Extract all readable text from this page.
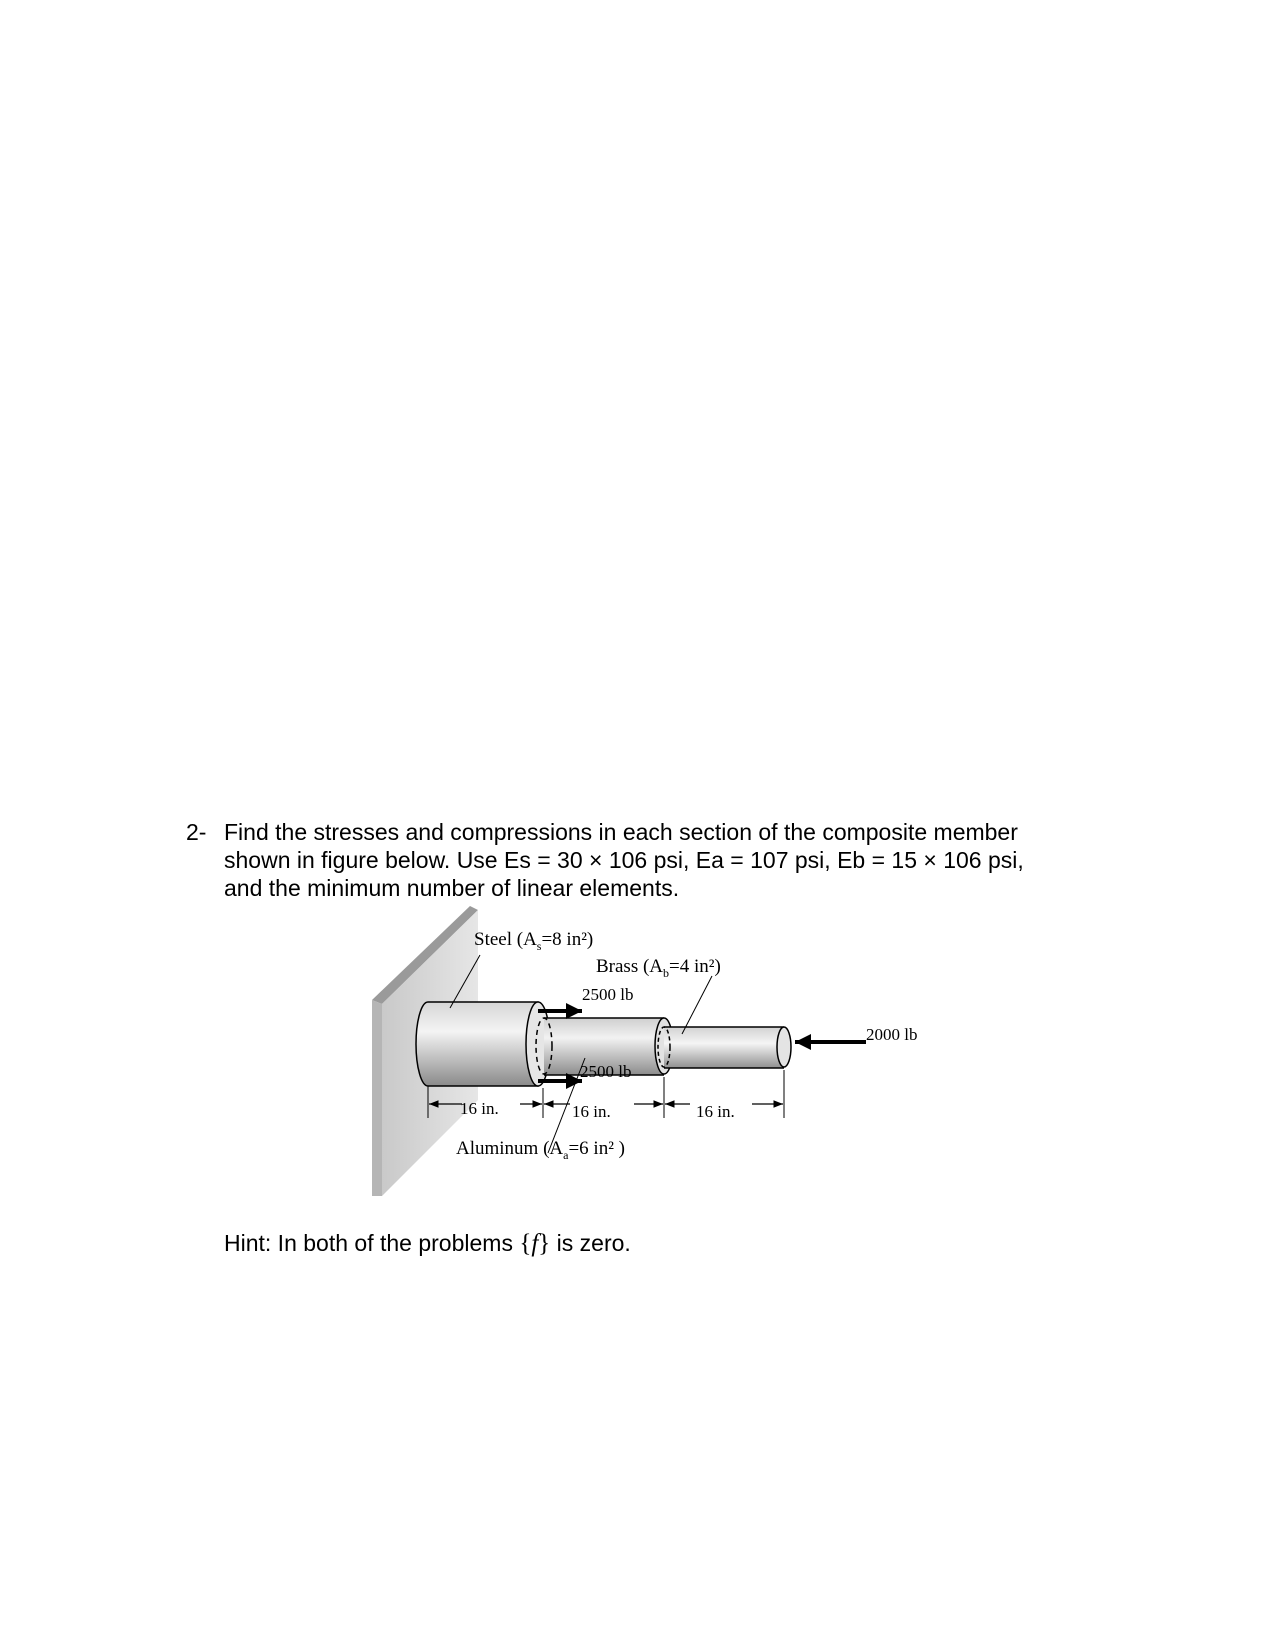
2- Find the stresses and compressions in each section of the composite member
shown in figure below. Use Es = 30 × 106 psi, Ea = 107 psi, Eb = 15 × 106 psi,
and the minimum number of linear elements.
Steel ($A_s=8$ in²)
Brass ($A_b=4$ in²)
Aluminum ($A_a=6$ in² )
2500 lb
2500 lb
2000 lb
16 in.	16 in.	16 in.
Hint: In both of the problems {f} is zero.
